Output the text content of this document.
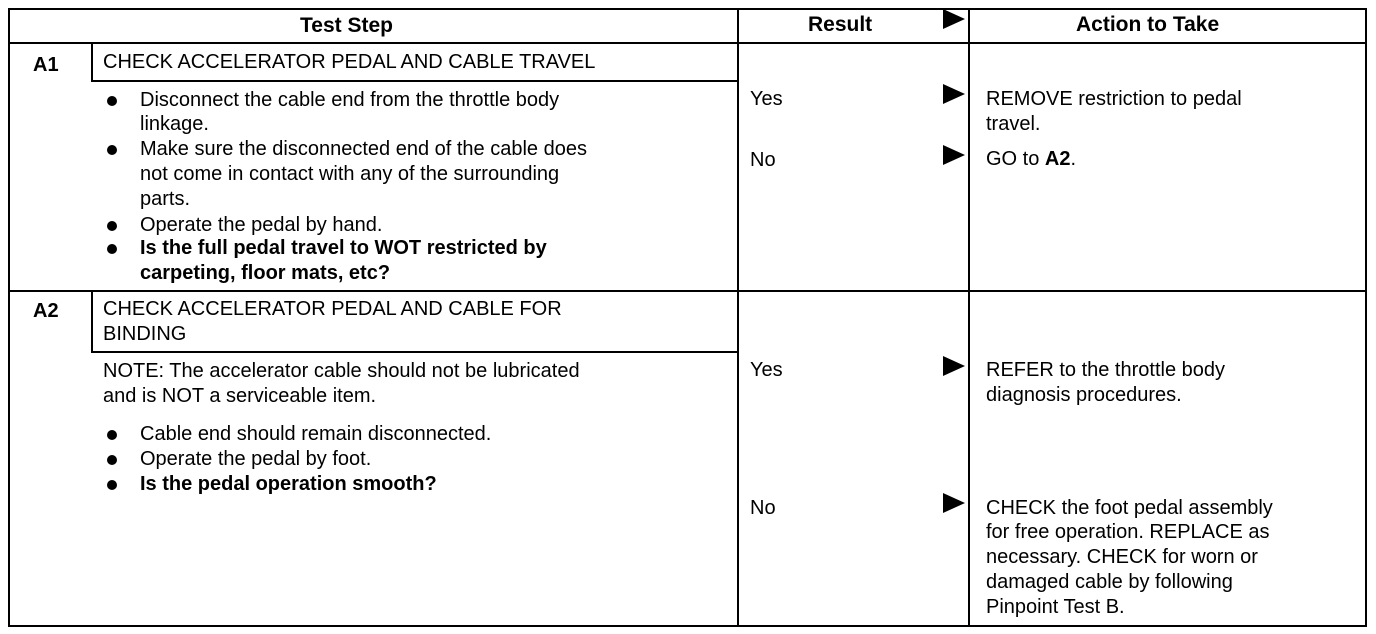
Test Step	Result	Action to Take
A1 CHECK ACCELERATOR PEDAL AND CABLE TRAVEL
Disconnect the cable end from the throttle body
linkage.
Make sure the disconnected end of the cable does
not come in contact with any of the surrounding
parts.
Operate the pedal by hand.
Is the full pedal travel to WOT restricted by
carpeting, floor mats, etc?
Yes	REMOVE restriction to pedal
travel.
No	GO to A2.
A2 CHECK ACCELERATOR PEDAL AND CABLE FOR
BINDING
NOTE: The accelerator cable should not be lubricated
and is NOT a serviceable item.
Cable end should remain disconnected.
Operate the pedal by foot.
Is the pedal operation smooth?
Yes	REFER to the throttle body
diagnosis procedures.
No	CHECK the foot pedal assembly
for free operation. REPLACE as
necessary. CHECK for worn or
damaged cable by following
Pinpoint Test B.
